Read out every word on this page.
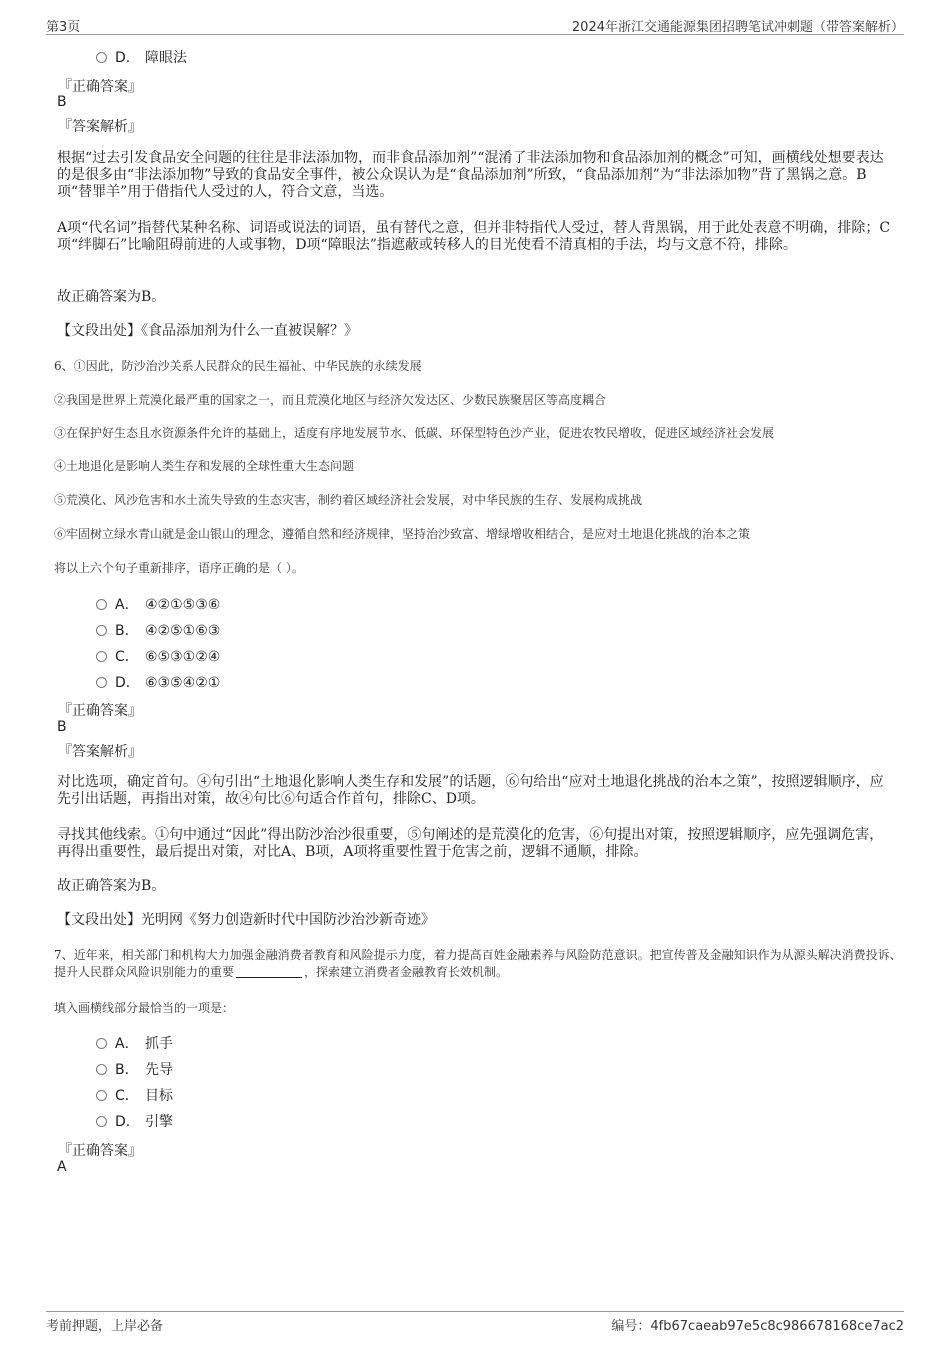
第3页	2024年浙江交通能源集团招聘笔试冲刺题（带答案解析）
D． 障眼法
『正确答案』
B
『答案解析』
根据“过去引发食品安全问题的往往是非法添加物，而非食品添加剂”“混淆了非法添加物和食品添加剂的概念”可知，画横线处想要表达的是很多由“非法添加物”导致的食品安全事件，被公众误认为是“食品添加剂”所致，“食品添加剂”为“非法添加物”背了黑锅之意。B项“替罪羊”用于借指代人受过的人，符合文意，当选。
A项“代名词”指替代某种名称、词语或说法的词语，虽有替代之意，但并非特指代人受过，替人背黑锅，用于此处表意不明确，排除；C项“绊脚石”比喻阻碍前进的人或事物，D项“障眼法”指遮蔽或转移人的目光使看不清真相的手法，均与文意不符，排除。
故正确答案为B。
【文段出处】《食品添加剂为什么一直被误解？》
6、①因此，防沙治沙关系人民群众的民生福祉、中华民族的永续发展
②我国是世界上荒漠化最严重的国家之一，而且荒漠化地区与经济欠发达区、少数民族聚居区等高度耦合
③在保护好生态且水资源条件允许的基础上，适度有序地发展节水、低碳、环保型特色沙产业，促进农牧民增收，促进区域经济社会发展
④土地退化是影响人类生存和发展的全球性重大生态问题
⑤荒漠化、风沙危害和水土流失导致的生态灾害，制约着区域经济社会发展，对中华民族的生存、发展构成挑战
⑥牢固树立绿水青山就是金山银山的理念，遵循自然和经济规律，坚持治沙致富、增绿增收相结合，是应对土地退化挑战的治本之策
将以上六个句子重新排序，语序正确的是（ ）。
A． ④②①⑤③⑥
B． ④②⑤①⑥③
C． ⑥⑤③①②④
D． ⑥③⑤④②①
『正确答案』
B
『答案解析』
对比选项，确定首句。④句引出“土地退化影响人类生存和发展”的话题，⑥句给出“应对土地退化挑战的治本之策”，按照逻辑顺序，应先引出话题，再指出对策，故④句比⑥句适合作首句，排除C、D项。
寻找其他线索。①句中通过“因此”得出防沙治沙很重要，⑤句阐述的是荒漠化的危害，⑥句提出对策，按照逻辑顺序，应先强调危害，再得出重要性，最后提出对策，对比A、B项，A项将重要性置于危害之前，逻辑不通顺，排除。
故正确答案为B。
【文段出处】光明网《努力创造新时代中国防沙治沙新奇迹》
7、近年来，相关部门和机构大力加强金融消费者教育和风险提示力度，着力提高百姓金融素养与风险防范意识。把宣传普及金融知识作为从源头解决消费投诉、提升人民群众风险识别能力的重要	，探索建立消费者金融教育长效机制。
填入画横线部分最恰当的一项是：
A． 抓手
B． 先导
C． 目标
D． 引擎
『正确答案』
A
考前押题，上岸必备	编号：4fb67caeab97e5c8c986678168ce7ac2
